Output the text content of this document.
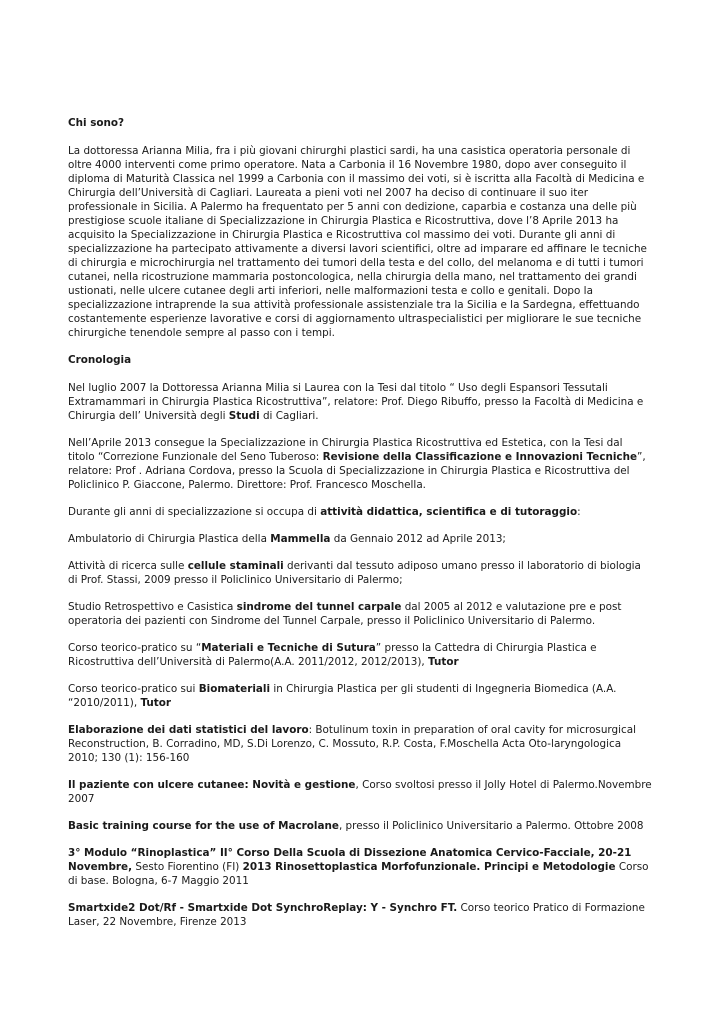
Chi sono?

La dottoressa Arianna Milia, fra i più giovani chirurghi plastici sardi, ha una casistica operatoria personale di oltre 4000 interventi come primo operatore. Nata a Carbonia il 16 Novembre 1980, dopo aver conseguito il diploma di Maturità Classica nel 1999 a Carbonia con il massimo dei voti, si è iscritta alla Facoltà di Medicina e Chirurgia dell’Università di Cagliari. Laureata a pieni voti nel 2007 ha deciso di continuare il suo iter professionale in Sicilia. A Palermo ha frequentato per 5 anni con dedizione, caparbia e costanza una delle più prestigiose scuole italiane di Specializzazione in Chirurgia Plastica e Ricostruttiva, dove l’8 Aprile 2013 ha acquisito la Specializzazione in Chirurgia Plastica e Ricostruttiva col massimo dei voti. Durante gli anni di specializzazione ha partecipato attivamente a diversi lavori scientifici, oltre ad imparare ed affinare le tecniche di chirurgia e microchirurgia nel trattamento dei tumori della testa e del collo, del melanoma e di tutti i tumori cutanei, nella ricostruzione mammaria postoncologica, nella chirurgia della mano, nel trattamento dei grandi ustionati, nelle ulcere cutanee degli arti inferiori, nelle malformazioni testa e collo e genitali. Dopo la specializzazione intraprende la sua attività professionale assistenziale tra la Sicilia e la Sardegna, effettuando costantemente esperienze lavorative e corsi di aggiornamento ultraspecialistici per migliorare le sue tecniche chirurgiche tenendole sempre al passo con i tempi.

Cronologia

Nel luglio 2007 la Dottoressa Arianna Milia si Laurea con la Tesi dal titolo “ Uso degli Espansori Tessutali Extramammari in Chirurgia Plastica Ricostruttiva”, relatore: Prof. Diego Ribuffo, presso la Facoltà di Medicina e Chirurgia dell’ Università degli Studi di Cagliari.

Nell’Aprile 2013 consegue la Specializzazione in Chirurgia Plastica Ricostruttiva ed Estetica, con la Tesi dal titolo “Correzione Funzionale del Seno Tuberoso: Revisione della Classificazione e Innovazioni Tecniche”, relatore: Prof . Adriana Cordova, presso la Scuola di Specializzazione in Chirurgia Plastica e Ricostruttiva del Policlinico P. Giaccone, Palermo. Direttore: Prof. Francesco Moschella.

Durante gli anni di specializzazione si occupa di attività didattica, scientifica e di tutoraggio:

Ambulatorio di Chirurgia Plastica della Mammella da Gennaio 2012 ad Aprile 2013;

Attività di ricerca sulle cellule staminali derivanti dal tessuto adiposo umano presso il laboratorio di biologia di Prof. Stassi, 2009 presso il Policlinico Universitario di Palermo;

Studio Retrospettivo e Casistica sindrome del tunnel carpale dal 2005 al 2012 e valutazione pre e post operatoria dei pazienti con Sindrome del Tunnel Carpale, presso il Policlinico Universitario di Palermo.

Corso teorico-pratico su “Materiali e Tecniche di Sutura” presso la Cattedra di Chirurgia Plastica e Ricostruttiva dell’Università di Palermo(A.A. 2011/2012, 2012/2013), Tutor

Corso teorico-pratico sui Biomateriali in Chirurgia Plastica per gli studenti di Ingegneria Biomedica (A.A. “2010/2011), Tutor

Elaborazione dei dati statistici del lavoro: Botulinum toxin in preparation of oral cavity for microsurgical Reconstruction, B. Corradino, MD, S.Di Lorenzo, C. Mossuto, R.P. Costa, F.Moschella Acta Oto-laryngologica 2010; 130 (1): 156-160

Il paziente con ulcere cutanee: Novità e gestione, Corso svoltosi presso il Jolly Hotel di Palermo.Novembre 2007

Basic training course for the use of Macrolane, presso il Policlinico Universitario a Palermo. Ottobre 2008

3° Modulo “Rinoplastica” II° Corso Della Scuola di Dissezione Anatomica Cervico-Facciale, 20-21 Novembre, Sesto Fiorentino (FI) 2013 Rinosettoplastica Morfofunzionale. Principi e Metodologie Corso di base. Bologna, 6-7 Maggio 2011

Smartxide2 Dot/Rf - Smartxide Dot SynchroReplay: Y - Synchro FT. Corso teorico Pratico di Formazione Laser, 22 Novembre, Firenze 2013
